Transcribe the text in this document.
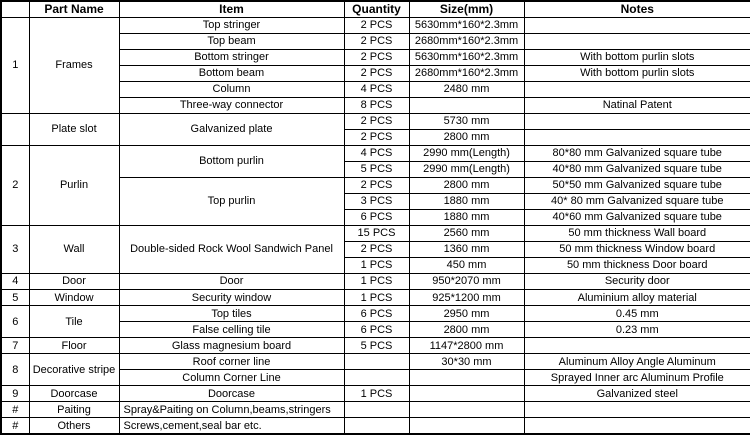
	Part Name	Item	Quantity	Size(mm)	Notes
1	Frames	Top stringer	2 PCS	5630mm*160*2.3mm	
		Top beam	2 PCS	2680mm*160*2.3mm	
		Bottom stringer	2 PCS	5630mm*160*2.3mm	With bottom purlin slots
		Bottom beam	2 PCS	2680mm*160*2.3mm	With bottom purlin slots
		Column	4 PCS	2480 mm	
		Three-way connector	8 PCS		Natinal Patent
	Plate slot	Galvanized plate	2 PCS	5730 mm	
			2 PCS	2800 mm	
2	Purlin	Bottom purlin	4 PCS	2990 mm(Length)	80*80 mm Galvanized square tube
			5 PCS	2990 mm(Length)	40*80 mm Galvanized square tube
		Top purlin	2 PCS	2800 mm	50*50 mm Galvanized square tube
			3 PCS	1880 mm	40* 80 mm Galvanized square tube
			6 PCS	1880 mm	40*60 mm Galvanized square tube
3	Wall	Double-sided Rock Wool Sandwich Panel	15 PCS	2560 mm	50 mm thickness Wall board
			2 PCS	1360 mm	50 mm thickness Window board
			1 PCS	450 mm	50 mm thickness Door board
4	Door	Door	1 PCS	950*2070 mm	Security door
5	Window	Security window	1 PCS	925*1200 mm	Aluminium alloy material
6	Tile	Top tiles	6 PCS	2950 mm	0.45 mm
		False celling tile	6 PCS	2800 mm	0.23 mm
7	Floor	Glass magnesium board	5 PCS	1147*2800 mm	
8	Decorative stripe	Roof corner line		30*30 mm	Aluminum Alloy Angle Aluminum
		Column Corner Line			Sprayed Inner arc Aluminum Profile
9	Doorcase	Doorcase	1 PCS		Galvanized steel
#	Paiting	Spray&Paiting on Column,beams,stringers			
#	Others	Screws,cement,seal bar etc.			
